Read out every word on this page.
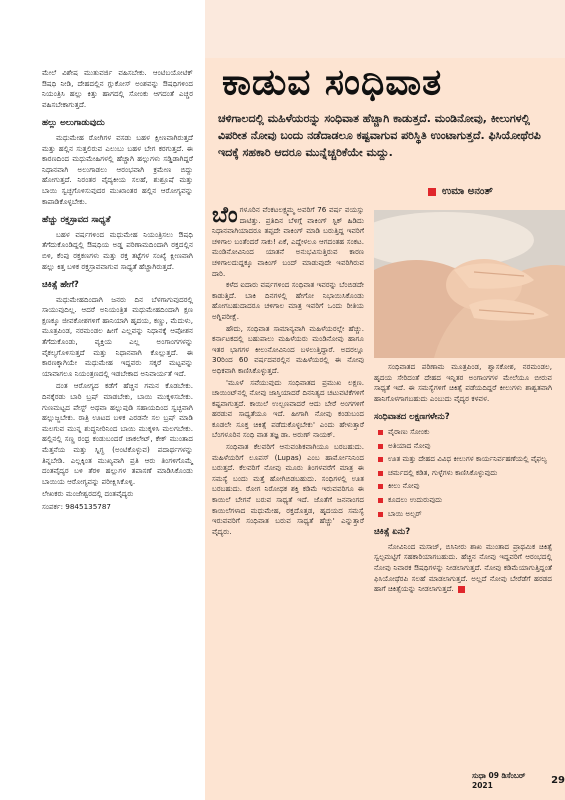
ಮೇಲೆ ವಿಶೇಷ ಮುತುವರ್ಜಿ ವಹಿಸಬೇಕು. ಆಂಟಿಬಯೋಟಿಕ್ ಔಷಧಿ ನೀಡಿ, ದೇಹದಲ್ಲಿನ ಗ್ಲುಕೋಸ್ ಅಂಶವನ್ನು ಔಷಧಿಗಳಿಂದ ನಿಯಂತ್ರಿಸಿ ಹಲ್ಲು ಕಿತ್ತು ಹಾಗದಲ್ಲಿ ಸೋಂಕು ಆಗದಂತೆ ಎಚ್ಚರ ವಹಿಸಬೇಕಾಗುತ್ತದೆ.

ಹಲ್ಲು ಅಲುಗಾಡುವುದು

ಮಧುಮೇಹ ರೋಗಿಗಳ ವಸಡು ಬಹಳ ಕ್ಷೀಣವಾಗಿರುತ್ತದೆ ಮತ್ತು ಹಲ್ಲಿನ ಸುತ್ತಲಿರುವ ಎಲುಬು ಬಹಳ ಬೇಗ ಕರಗುತ್ತದೆ. ಈ ಕಾರಣದಿಂದ ಮಧುಮೇಹಿಗಳಲ್ಲಿ ಹೆಚ್ಚಾಗಿ ಹಲ್ಲುಗಳು ಸಡ್ಡಿಡಾಗಿದ್ದರೆ ನಿಧಾನವಾಗಿ ಅಲುಗಾಡಲು ಆರಂಭವಾಗಿ ಕ್ರಮೇಣ ಬಿದ್ದು ಹೋಗುತ್ತದೆ. ನಿರಂತರ ವೈದ್ಯಕೀಯ ಸಲಹೆ, ಶುಶ್ರೂಷೆ ಮತ್ತು ಬಾಯಿ ಸ್ವಚ್ಛಗೊಳಿಸುವುದರ ಮುಖಾಂತರ ಹಲ್ಲಿನ ಆರೋಗ್ಯವನ್ನು ಕಾಪಾಡಿಕೊಳ್ಳಬೇಕು.

ಹೆಚ್ಚು ರಕ್ತಸ್ರಾವದ ಸಾಧ್ಯತೆ

ಬಹಳ ವರ್ಷಗಳಿಂದ ಮಧುಮೇಹ ನಿಯಂತ್ರಿಸಲು ಔಷಧಿ ತೆಗೆದುಕೊಂಡಿದ್ದಲ್ಲಿ ಔಷಧಿಯ ಅಡ್ಡ ಪರಿಣಾಮದಿಂದಾಗಿ ರಕ್ತದಲ್ಲಿನ ಬಿಳಿ, ಕೆಂಪು ರಕ್ತಕಣಗಳು ಮತ್ತು ರಕ್ತ ತಟ್ಟೆಗಳ ಸಂಖ್ಯೆ ಕ್ಷೀಣವಾಗಿ ಹಲ್ಲು ಕಿತ್ತ ಬಳಿಕ ರಕ್ತಸ್ರಾವವಾಗುವ ಸಾಧ್ಯತೆ ಹೆಚ್ಚಾಗಿರುತ್ತದೆ.

ಚಿಕಿತ್ಸೆ ಹೇಗೆ?

ಮಧುಮೇಹದಿಂದಾಗಿ ಜನರು ದಿನ ಬೆಳಗಾಗುವುದರಲ್ಲಿ ಸಾಯುವುದಿಲ್ಲ. ಆದರೆ ಅನಿಯಂತ್ರಿತ ಮಧುಮೇಹದಿಂದಾಗಿ ಕ್ಷಣ ಕ್ಷಣಕ್ಕೂ ಜೀವಕೋಶಗಳಿಗೆ ಹಾನಿಯಾಗಿ ಹೃದಯ, ಕಣ್ಣು, ಮೆದುಳು, ಮೂತ್ರಪಿಂಡ, ನರಮಂಡಲ ಹೀಗೆ ಎಲ್ಲವನ್ನು ನಿಧಾನಕ್ಕೆ ಆಪೋಶನ ತೆಗೆದುಕೊಂಡು, ವ್ಯಕ್ತಿಯ ಎಲ್ಲ ಅಂಗಾಂಗಗಳನ್ನು ವೈಕಲ್ಯಗೊಳಿಸುತ್ತದೆ ಮತ್ತು ನಿಧಾನವಾಗಿ ಕೊಲ್ಲುತ್ತದೆ. ಈ ಕಾರಣಕ್ಕಾಗಿಯೇ ಮಧುಮೇಹ ಇದ್ದವರು ಸಕ್ಕರೆ ಮಟ್ಟವನ್ನು ಯಾವಾಗಲೂ ನಿಯಂತ್ರಣದಲ್ಲಿ ಇಡಬೇಕಾದ ಅನಿವಾರ್ಯತೆ ಇದೆ.

ದಂತ ಆರೋಗ್ಯದ ಕಡೆಗೆ ಹೆಚ್ಚಿನ ಗಮನ ಕೊಡಬೇಕು. ದಿನಕ್ಕೆರಡು ಬಾರಿ ಬ್ರಷ್ ಮಾಡಬೇಕು, ಬಾಯಿ ಮುಕ್ಕಳಿಸಬೇಕು. ಗುಣಮಟ್ಟದ ಪೇಸ್ಟ್ ಅಥವಾ ಹಲ್ಲುಪುಡಿ ಸಹಾಯದಿಂದ ಸ್ವಚ್ಛವಾಗಿ ಹಲ್ಲುಜ್ಜಬೇಕು. ರಾತ್ರಿ ಊಟದ ಬಳಿಕ ಎರಡನೇ ಸಲ ಬ್ರಷ್ ಮಾಡಿ ಮಲಗುವ ಮುನ್ನ ಶುದ್ಧನೀರಿನಿಂದ ಬಾಯಿ ಮುಕ್ಕಳಿಸಿ ಮಲಗಬೇಕು. ಹಲ್ಲಿನಲ್ಲಿ ಸಣ್ಣ ರಂಧ್ರ ಕಂಡುಬಂದರೆ ಚಾಕಲೇಟ್, ಕೇಕ್ ಮುಂತಾದ ಮೆತ್ತನೆಯ ಮತ್ತು ಸ್ನಿಗ್ಧ (ಅಂಟಿಕೊಳ್ಳುವ) ಪದಾರ್ಥಗಳನ್ನು ತಿನ್ನಬೇಡಿ. ಎಲ್ಲಕ್ಕಿಂತ ಮುಖ್ಯವಾಗಿ ಪ್ರತಿ ಆರು ತಿಂಗಳಿಗೊಮ್ಮೆ ದಂತವೈದ್ಯರ ಬಳಿ ತೆರಳಿ ಹಲ್ಲುಗಳ ತಪಾಸಣೆ ಮಾಡಿಸಿಕೊಂಡು ಬಾಯಿಯ ಆರೋಗ್ಯವನ್ನು ಪರೀಕ್ಷಿಸಿಕೊಳ್ಳಿ.

ಲೇಖಕರು ಮಂಜೇಶ್ವರದಲ್ಲಿ ದಂತವೈದ್ಯರು

ಸಂಪರ್ಕ: 9845135787

ಕಾಡುವ ಸಂಧಿವಾತ

ಚಳಿಗಾಲದಲ್ಲಿ ಮಹಿಳೆಯರನ್ನು ಸಂಧಿವಾತ ಹೆಚ್ಚಾಗಿ ಕಾಡುತ್ತದೆ. ಮಂಡಿನೋವು, ಕೀಲುಗಳಲ್ಲಿ ವಿಪರೀತ ನೋವು ಬಂದು ನಡೆದಾಡಲೂ ಕಷ್ಟವಾಗುವ ಪರಿಸ್ಥಿತಿ ಉಂಟಾಗುತ್ತದೆ. ಫಿಸಿಯೋಥೆರಪಿ ಇದಕ್ಕೆ ಸಹಕಾರಿ ಆದರೂ ಮುನ್ನೆಚ್ಚರಿಕೆಯೇ ಮದ್ದು.

ಉಮಾ ಅನಂತ್

ಬೆಂಗಳೂರಿನ ವೆಂಕಟಲಕ್ಷ್ಮಮ್ಮ ಅವರಿಗೆ 76 ವರ್ಷ ವಯಸ್ಸು ದಾಟಿತ್ತು. ಪ್ರತಿದಿನ ಬೆಳಿಗ್ಗೆ ವಾಕಿಂಗ್ ಸ್ಟಿಕ್ ಹಿಡಿದು ನಿಧಾನವಾಗಿಯಾದರೂ ತಪ್ಪದೇ ವಾಕಿಂಗ್ ಮಾಡಿ ಬರುತ್ತಿದ್ದ ಇವರಿಗೆ ಚಳಿಗಾಲ ಬಂತೆಂದರೆ ಸಾಕು! ಏಕೆ, ಎದ್ದೇಳಲೂ ಆಗದಂತಹ ಸಂಕಟ. ಮಂಡಿನೋವಿನಿಂದ ಯಾತನೆ ಅನುಭವಿಸುತ್ತಿರುವ ಕಾರಣ ಚಳಿಗಾಲದುದ್ದಕ್ಕೂ ವಾಕಿಂಗ್ ಬಂದ್ ಮಾಡುವುದೇ ಇವರಿಗಿರುವ ದಾರಿ.

ಕಳೆದ ಐದಾರು ವರ್ಷಗಳಿಂದ ಸಂಧಿವಾತ ಇವರನ್ನು ಬೆಂಬಿಡದೇ ಕಾಡುತ್ತಿದೆ. ಬಾಕಿ ದಿನಗಳಲ್ಲಿ ಹೇಗೋ ನಿಭಾಯಿಸಿಕೊಂಡು ಹೋಗಬಹುದಾದರೂ ಚಳಿಗಾಲ ಮಾತ್ರ ಇವರಿಗೆ ಒಂದು ರೀತಿಯ ಅಗ್ನಿಪರೀಕ್ಷೆ.

ಹೌದು, ಸಂಧಿವಾತ ಸಾಮಾನ್ಯವಾಗಿ ಮಹಿಳೆಯರಲ್ಲೇ ಹೆಚ್ಚು. ಕರ್ನಾಟಕದಲ್ಲಿ ಬಹುಪಾಲು ಮಹಿಳೆಯರು ಮಂಡಿನೋವು ಹಾಗೂ ಇತರ ಭಾಗಗಳ ಕೀಲುನೋವಿನಿಂದ ಬಳಲುತ್ತಿದ್ದಾರೆ. ಅದರಲ್ಲೂ 30ರಿಂದ 60 ವರ್ಷದವರಲ್ಲಿನ ಮಹಿಳೆಯರಲ್ಲಿ ಈ ನೋವು ಅಧಿಕವಾಗಿ ಕಾಣಿಸಿಕೊಳ್ಳುತ್ತದೆ.

'ಮೂಳೆ ಸವೆಯುವುದು ಸಂಧಿವಾತದ ಪ್ರಮುಖ ಲಕ್ಷಣ. ಚಾಯಿಂಟ್‌ನಲ್ಲಿ ನೋವು ಜಾಸ್ತಿಯಾದರೆ ದಿನನಿತ್ಯದ ಚಟುವಟಿಕೆಗಳಿಗೆ ಕಷ್ಟವಾಗುತ್ತದೆ. ಕಾಯಿಲೆ ಉಲ್ಬಣವಾದರೆ ಆದು ಬೇರೆ ಅಂಗಗಳಿಗೆ ಹರಡುವ ಸಾಧ್ಯತೆಯೂ ಇದೆ. ಹೀಗಾಗಿ ನೋವು ಕಂಡುಬಂದ ಕೂಡಲೇ ಸೂಕ್ತ ಚಿಕಿತ್ಸೆ ಪಡೆದುಕೊಳ್ಳಬೇಕು' ಎಂದು ಹೇಳುತ್ತಾರೆ ಬೆಂಗಳೂರಿನ ಸಂಧಿ ವಾತ ತಜ್ಞ ಡಾ. ಅರುಣ್ ನಾಯಕ್.

ಸಂಧಿವಾತ ಕೆಲವರಿಗೆ ಆನುವಂಶಿಕವಾಗಿಯೂ ಬರಬಹುದು. ಮಹಿಳೆಯರಿಗೆ ಲೂಪಸ್ (Lupas) ಎಂಬ ಹಾರ್ಮೋನಿನಿಂದ ಬರುತ್ತದೆ. ಕೆಲವರಿಗೆ ನೋವು ಮೂರು ತಿಂಗಳವರೆಗೆ ಮಾತ್ರ ಈ ಸಮಸ್ಯೆ ಬಂದು ಮತ್ತೆ ಹೋಗಿಬಿಡಬಹುದು. ಸಂಧಿಗಳಲ್ಲಿ ಊತ ಬರಬಹುದು. ರೋಗ ನಿರೋಧಕ ಶಕ್ತಿ ಕಡಿಮೆ ಇರುವವರಿಗೂ ಈ ಕಾಯಿಲೆ ಬೇಗನೆ ಬರುವ ಸಾಧ್ಯತೆ ಇದೆ. ಜೊತೆಗೆ ಜನನಾಂಗದ ಕಾಯಿಲೆಗಳಾದ ಮಧುಮೇಹ, ರಕ್ತದೊತ್ತಡ, ಹೃದಯದ ಸಮಸ್ಯೆ ಇರುವವರಿಗೆ ಸಂಧಿವಾತ ಬರುವ ಸಾಧ್ಯತೆ ಹೆಚ್ಚು' ಎನ್ನುತ್ತಾರೆ ವೈದ್ಯರು.

ಸಂಧಿವಾತದ ಪರಿಣಾಮ ಮೂತ್ರಪಿಂಡ, ಶ್ವಾಸಕೋಶ, ನರಮಂಡಲ, ಹೃದಯ ಸೇರಿದಂತೆ ದೇಹದ ಇನ್ನಿತರ ಅಂಗಾಂಗಗಳ ಮೇಲೆಯೂ ಬೀರುವ ಸಾಧ್ಯತೆ ಇದೆ. ಈ ಸಮಸ್ಯೆಗಳಿಗೆ ಚಿಕಿತ್ಸೆ ಪಡೆಯದಿದ್ದರೆ ಕೀಲುಗಳು ಶಾಶ್ವತವಾಗಿ ಹಾನಿಗೊಳಗಾಗಬಹುದು ಎಂಬುದು ವೈದ್ಯರ ಕಳವಳ.

ಸಂಧಿವಾತದ ಲಕ್ಷಣಗಳೇನು?
ವೈರಾಣು ಸೋಂಕು
ಅತಿಯಾದ ನೋವು
ಊತ ಮತ್ತು ದೇಹದ ವಿವಿಧ ಕೀಲುಗಳ ಕಾರ್ಯನಿರ್ವಹಣೆಯಲ್ಲಿ ವೈಫಲ್ಯ
ಚರ್ಮದಲ್ಲಿ ಕಡಿತ, ಗುಳ್ಳೆಗಳು ಕಾಣಿಸಿಕೊಳ್ಳುವುದು
ಕೀಲು ನೋವು
ಕೂದಲು ಉದುರುವುದು
ಬಾಯಿ ಅಲ್ಸರ್
ಚಿಕಿತ್ಸೆ ಏನು?

ನೋವಿನಿಂದ ಮಸಾಜ್, ಬಿಸಿನೀರು ಶಾಖ ಮುಂತಾದ ಪ್ರಾಥಮಿಕ ಚಿಕಿತ್ಸೆ ಸ್ವಲ್ಪಮಟ್ಟಿಗೆ ಸಹಕಾರಿಯಾಗಬಹುದು. ಹೆಚ್ಚಿನ ನೋವು ಇದ್ದವರಿಗೆ ಆರಂಭದಲ್ಲಿ ನೋವು ನಿವಾರಕ ಔಷಧಿಗಳನ್ನು ನೀಡಲಾಗುತ್ತದೆ. ನೋವು ಕಡಿಮೆಯಾಗುತ್ತಿದ್ದಂತೆ ಫಿಸಿಯೋಥೆರಪಿ ಸಲಹೆ ಮಾಡಲಾಗುತ್ತದೆ. ಅಲ್ಲದೆ ನೋವು ಬೇರೆಡೆಗೆ ಹರಡದ ಹಾಗೆ ಚಿಕಿತ್ಸೆಯನ್ನು ನೀಡಲಾಗುತ್ತದೆ.

ಸುಧಾ 09 ಡಿಸೆಂಬರ್ 2021	29
